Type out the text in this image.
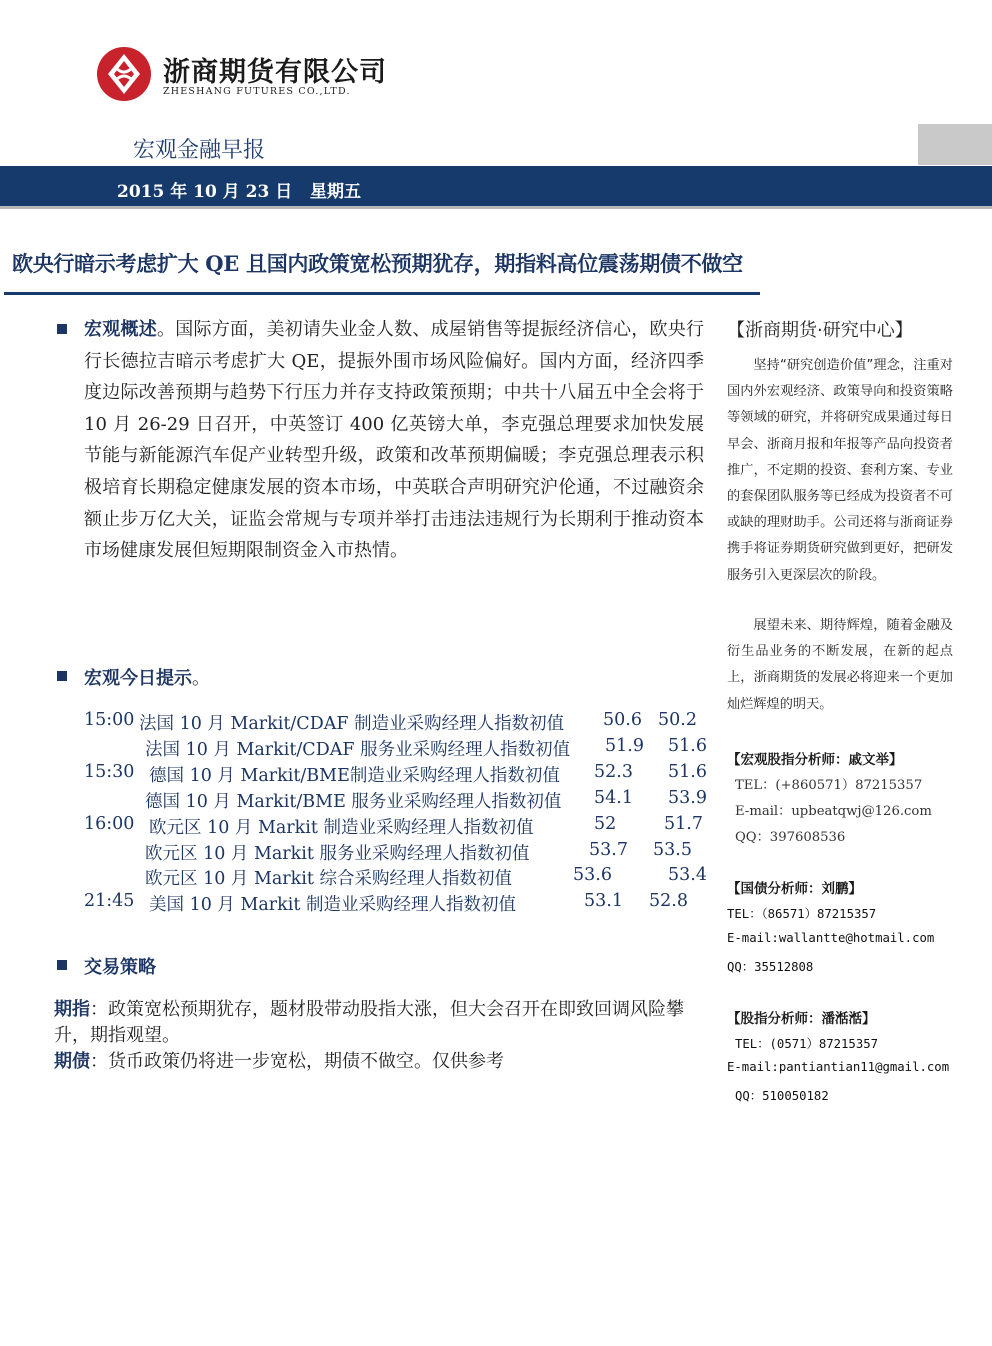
浙商期货有限公司
ZHESHANG FUTURES CO.,LTD.
宏观金融早报
2015 年 10 月 23 日   星期五
欧央行暗示考虑扩大 QE 且国内政策宽松预期犹存，期指料高位震荡期债不做空
宏观概述。国际方面，美初请失业金人数、成屋销售等提振经济信心，欧央行行长德拉吉暗示考虑扩大 QE，提振外围市场风险偏好。国内方面，经济四季度边际改善预期与趋势下行压力并存支持政策预期；中共十八届五中全会将于 10 月 26-29 日召开，中英签订 400 亿英镑大单，李克强总理要求加快发展节能与新能源汽车促产业转型升级，政策和改革预期偏暖；李克强总理表示积极培育长期稳定健康发展的资本市场，中英联合声明研究沪伦通，不过融资余额止步万亿大关，证监会常规与专项并举打击违法违规行为长期利于推动资本市场健康发展但短期限制资金入市热情。
宏观今日提示。
15:00 法国 10 月 Markit/CDAF 制造业采购经理人指数初值 50.6 50.2
法国 10 月 Markit/CDAF 服务业采购经理人指数初值 51.9 51.6
15:30 德国 10 月 Markit/BME制造业采购经理人指数初值 52.3 51.6
德国 10 月 Markit/BME 服务业采购经理人指数初值 54.1 53.9
16:00 欧元区 10 月 Markit 制造业采购经理人指数初值	52	51.7
欧元区 10 月 Markit 服务业采购经理人指数初值	53.7 53.5
欧元区 10 月 Markit 综合采购经理人指数初值	53.6	53.4
21:45 美国 10 月 Markit 制造业采购经理人指数初值	53.1 52.8
交易策略
期指：政策宽松预期犹存，题材股带动股指大涨，但大会召开在即致回调风险攀升，期指观望。
期债：货币政策仍将进一步宽松，期债不做空。仅供参考
【浙商期货·研究中心】
坚持“研究创造价值”理念，注重对国内外宏观经济、政策导向和投资策略等领域的研究，并将研究成果通过每日早会、浙商月报和年报等产品向投资者推广，不定期的投资、套利方案、专业的套保团队服务等已经成为投资者不可或缺的理财助手。公司还将与浙商证券携手将证券期货研究做到更好，把研发服务引入更深层次的阶段。
展望未来、期待辉煌，随着金融及衍生品业务的不断发展，在新的起点上，浙商期货的发展必将迎来一个更加灿烂辉煌的明天。
【宏观股指分析师：戚文举】
TEL：(+860571）87215357
E-mail：upbeatqwj@126.com
QQ：397608536
【国债分析师：刘鹏】
TEL：（86571）87215357
E-mail:wallantte@hotmail.com
QQ：35512808
【股指分析师：潘湉湉】
TEL：(0571）87215357
E-mail:pantiantian11@gmail.com
QQ：510050182
